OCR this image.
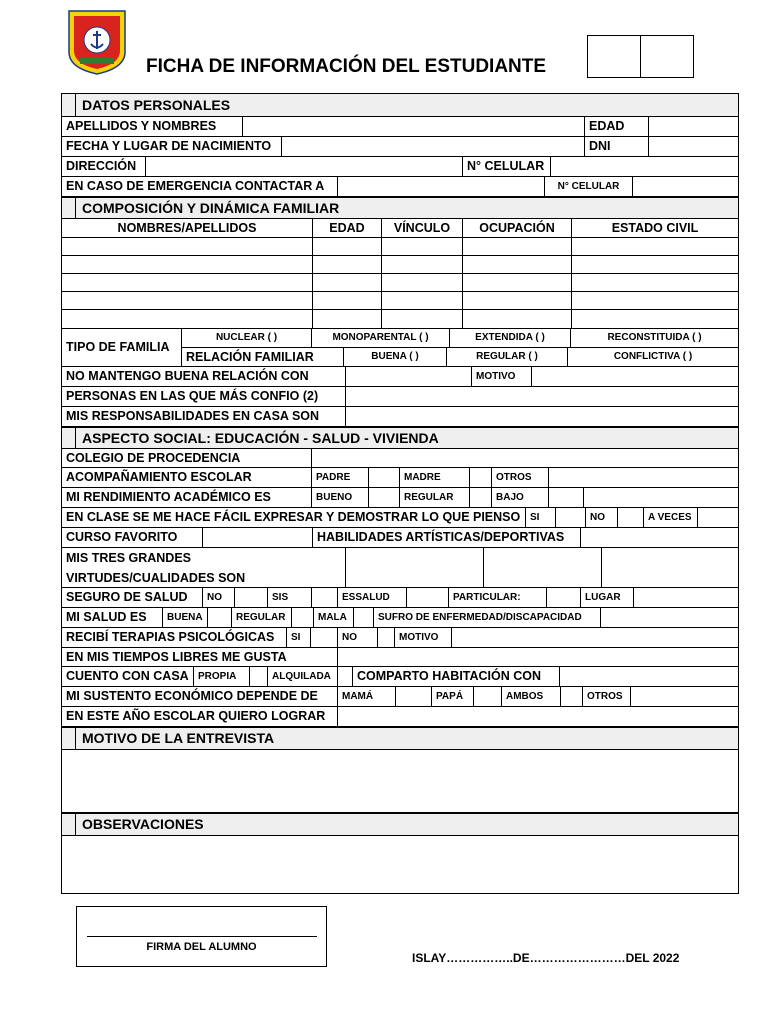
FICHA DE INFORMACIÓN DEL ESTUDIANTE
DATOS PERSONALES
APELLIDOS Y NOMBRES	EDAD
FECHA Y LUGAR DE NACIMIENTO	DNI
DIRECCIÓN	N° CELULAR
EN CASO DE EMERGENCIA CONTACTAR A	N° CELULAR
COMPOSICIÓN Y DINÁMICA FAMILIAR
NOMBRES/APELLIDOS	EDAD	VÍNCULO	OCUPACIÓN	ESTADO CIVIL
TIPO DE FAMILIA
NUCLEAR ( )	MONOPARENTAL ( )	EXTENDIDA ( )	RECONSTITUIDA ( )
RELACIÓN FAMILIAR	BUENA ( )	REGULAR ( )	CONFLICTIVA ( )
NO MANTENGO BUENA RELACIÓN CON	MOTIVO
PERSONAS EN LAS QUE MÁS CONFIO (2)
MIS RESPONSABILIDADES EN CASA SON
ASPECTO SOCIAL: EDUCACIÓN - SALUD - VIVIENDA
COLEGIO DE PROCEDENCIA
ACOMPAÑAMIENTO ESCOLAR	PADRE	MADRE	OTROS
MI RENDIMIENTO ACADÉMICO ES	BUENO	REGULAR	BAJO
EN CLASE SE ME HACE FÁCIL EXPRESAR Y DEMOSTRAR LO QUE PIENSO SI	NO	A VECES
CURSO FAVORITO	HABILIDADES ARTÍSTICAS/DEPORTIVAS
MIS TRES GRANDES VIRTUDES/CUALIDADES SON
SEGURO DE SALUD	NO	SIS	ESSALUD	PARTICULAR:	LUGAR
MI SALUD ES	BUENA	REGULAR	MALA	SUFRO DE ENFERMEDAD/DISCAPACIDAD
RECIBÍ TERAPIAS PSICOLÓGICAS	SI	NO	MOTIVO
EN MIS TIEMPOS LIBRES ME GUSTA
CUENTO CON CASA PROPIA	ALQUILADA	COMPARTO HABITACIÓN CON
MI SUSTENTO ECONÓMICO DEPENDE DE	MAMÁ	PAPÁ	AMBOS	OTROS
EN ESTE AÑO ESCOLAR QUIERO LOGRAR
MOTIVO DE LA ENTREVISTA
OBSERVACIONES
FIRMA DEL ALUMNO
ISLAY……………..DE……………………DEL 2022
